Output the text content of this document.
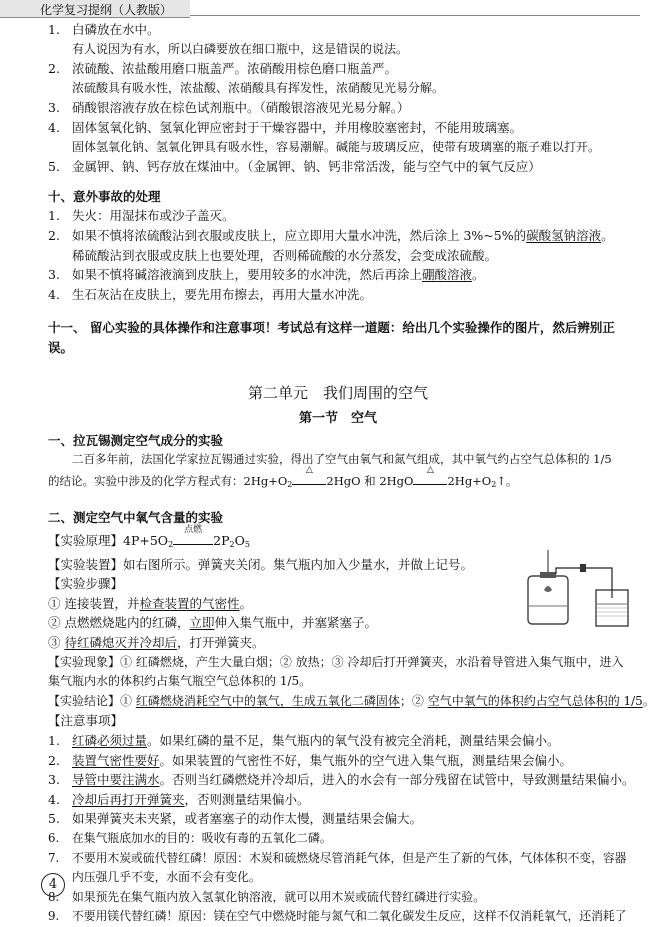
化学复习提纲（人教版）
1. 白磷放在水中。
有人说因为有水，所以白磷要放在细口瓶中，这是错误的说法。
2. 浓硫酸、浓盐酸用磨口瓶盖严。浓硝酸用棕色磨口瓶盖严。
浓硫酸具有吸水性，浓盐酸、浓硝酸具有挥发性，浓硝酸见光易分解。
3. 硝酸银溶液存放在棕色试剂瓶中。（硝酸银溶液见光易分解。）
4. 固体氢氧化钠、氢氧化钾应密封于干燥容器中，并用橡胶塞密封，不能用玻璃塞。
固体氢氧化钠、氢氧化钾具有吸水性，容易潮解。碱能与玻璃反应，使带有玻璃塞的瓶子难以打开。
5. 金属钾、钠、钙存放在煤油中。（金属钾、钠、钙非常活泼，能与空气中的氧气反应）
十、意外事故的处理
1. 失火：用湿抹布或沙子盖灭。
2. 如果不慎将浓硫酸沾到衣服或皮肤上，应立即用大量水冲洗，然后涂上 3%~5%的碳酸氢钠溶液。
稀硫酸沾到衣服或皮肤上也要处理，否则稀硫酸的水分蒸发，会变成浓硫酸。
3. 如果不慎将碱溶液滴到皮肤上，要用较多的水冲洗，然后再涂上硼酸溶液。
4. 生石灰沾在皮肤上，要先用布擦去，再用大量水冲洗。
十一、 留心实验的具体操作和注意事项！考试总有这样一道题：给出几个实验操作的图片，然后辨别正误。
第二单元　我们周围的空气
第一节　空气
一、拉瓦锡测定空气成分的实验
二百多年前，法国化学家拉瓦锡通过实验，得出了空气由氧气和氮气组成，其中氧气约占空气总体积的 1/5
的结论。实验中涉及的化学方程式有：$2Hg+O_2$
△
2HgO 和 2HgO
△
$2Hg+O_2↑$。
二、测定空气中氧气含量的实验
【实验原理】$4P+5O_2$
点燃
$2P_2O_5$
【实验装置】如右图所示。弹簧夹关闭。集气瓶内加入少量水，并做上记号。
【实验步骤】
① 连接装置，并检查装置的气密性。
② 点燃燃烧匙内的红磷，立即伸入集气瓶中，并塞紧塞子。
③ 待红磷熄灭并冷却后，打开弹簧夹。
【实验现象】① 红磷燃烧，产生大量白烟；② 放热；③ 冷却后打开弹簧夹，水沿着导管进入集气瓶中，进入
集气瓶内水的体积约占集气瓶空气总体积的 1/5。
【实验结论】① 红磷燃烧消耗空气中的氧气，生成五氧化二磷固体；② 空气中氧气的体积约占空气总体积的 1/5。
【注意事项】
1. 红磷必须过量。如果红磷的量不足，集气瓶内的氧气没有被完全消耗，测量结果会偏小。
2. 装置气密性要好。如果装置的气密性不好，集气瓶外的空气进入集气瓶，测量结果会偏小。
3. 导管中要注满水。否则当红磷燃烧并冷却后，进入的水会有一部分残留在试管中，导致测量结果偏小。
4. 冷却后再打开弹簧夹，否则测量结果偏小。
5. 如果弹簧夹未夹紧，或者塞塞子的动作太慢，测量结果会偏大。
6. 在集气瓶底加水的目的：吸收有毒的五氧化二磷。
7. 不要用木炭或硫代替红磷！原因：木炭和硫燃烧尽管消耗气体，但是产生了新的气体，气体体积不变，容器
内压强几乎不变，水面不会有变化。
8. 如果预先在集气瓶内放入氢氧化钠溶液，就可以用木炭或硫代替红磷进行实验。
9. 不要用镁代替红磷！原因：镁在空气中燃烧时能与氮气和二氧化碳发生反应，这样不仅消耗氧气，还消耗了
4
